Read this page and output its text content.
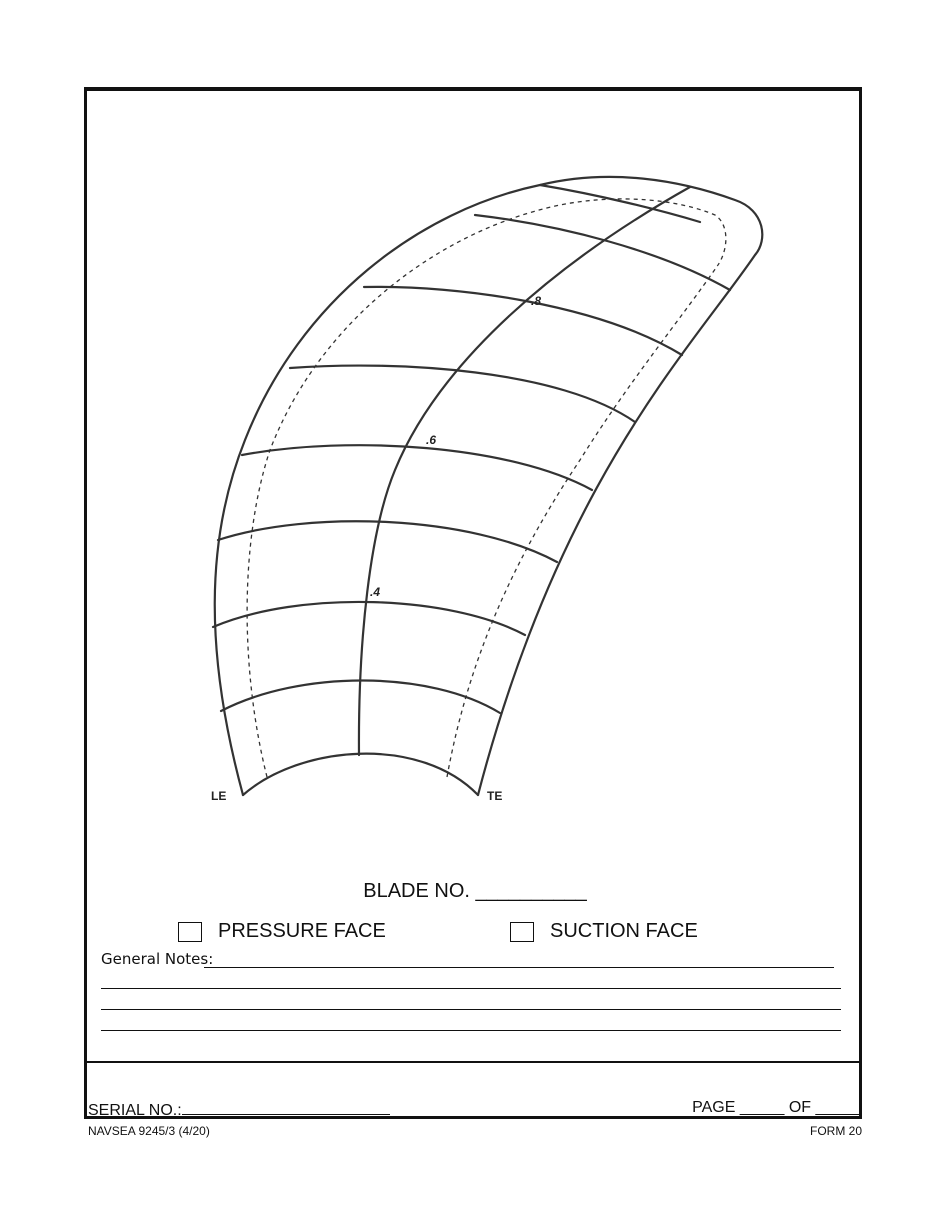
LE	TE
.8
.6
.4
BLADE NO. __________
PRESSURE FACE	SUCTION FACE
General Notes:
SERIAL NO.:	PAGE _____ OF _____
NAVSEA 9245/3 (4/20)	FORM 20
